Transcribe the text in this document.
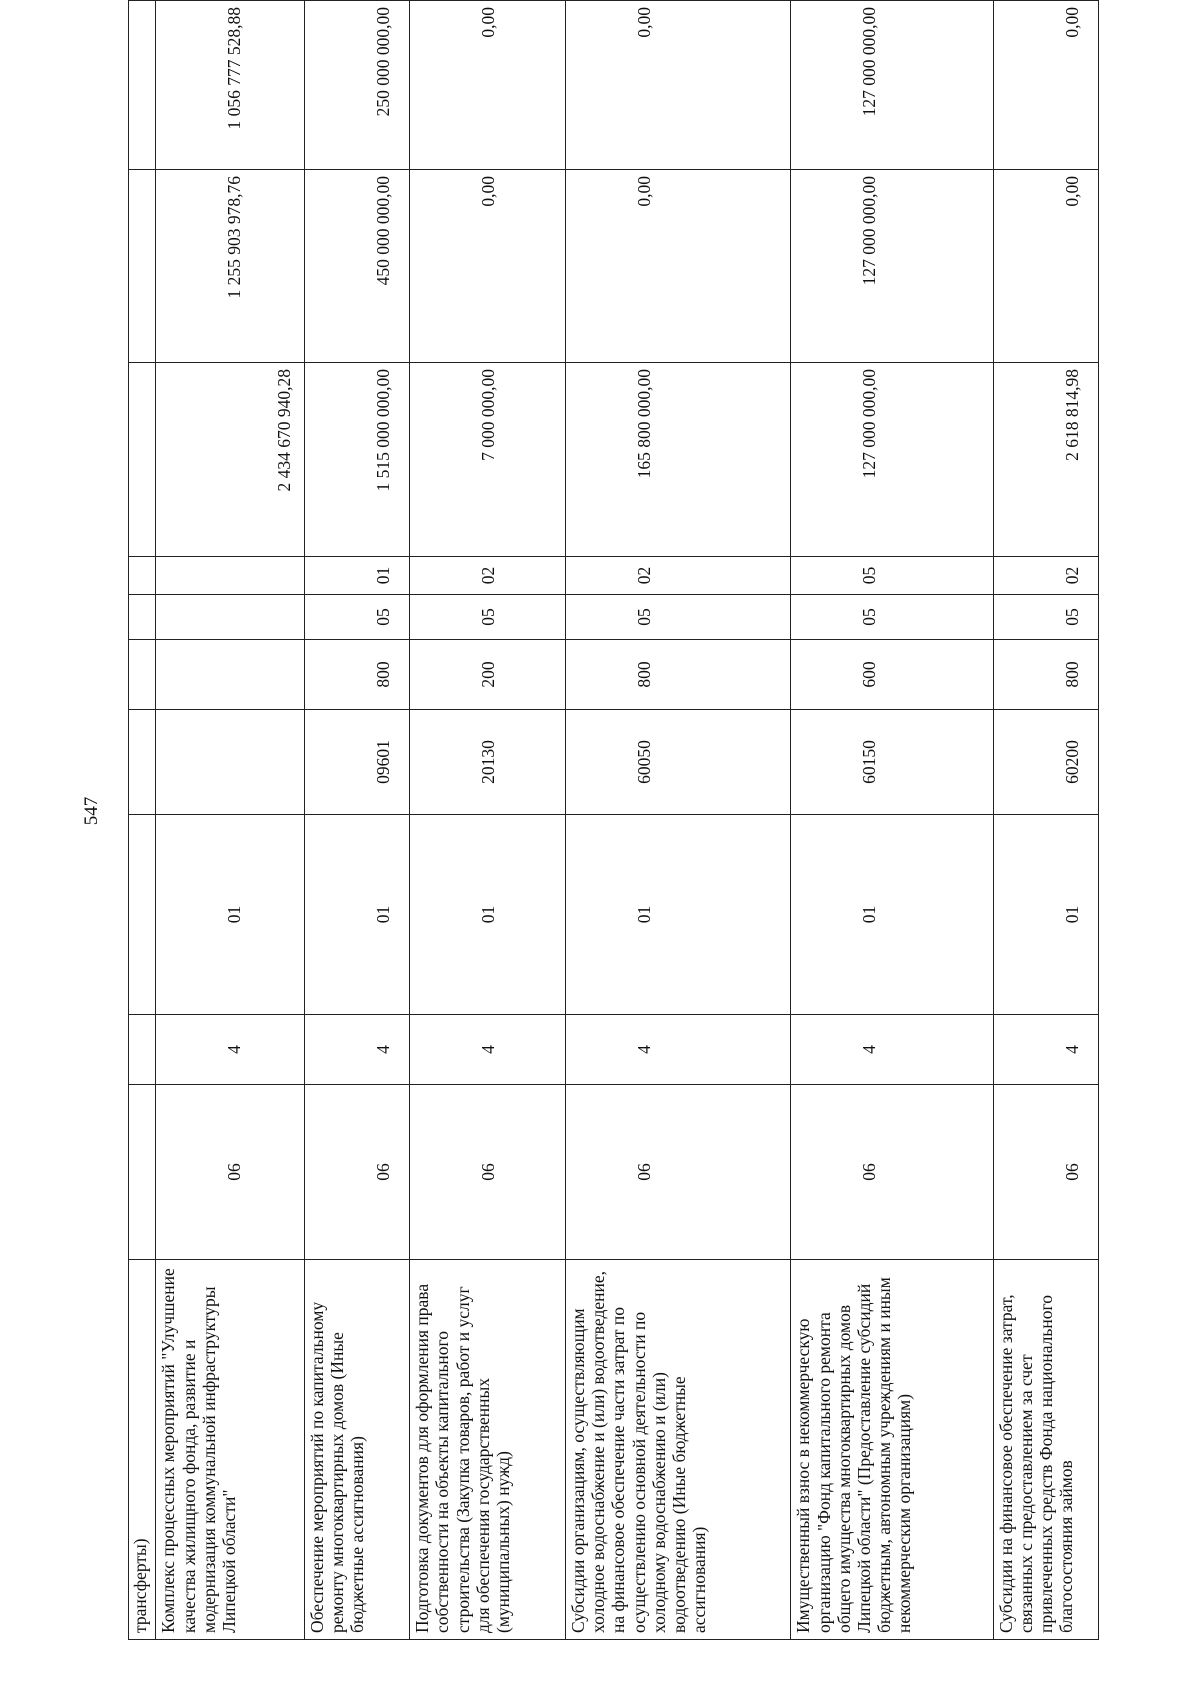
547
трансферты)										
Комплекс процессных мероприятий "Улучшение качества жилищного фонда, развитие и модернизация коммунальной инфраструктуры Липецкой области"	06	4	01					2 434 670 940,28	1 255 903 978,76	1 056 777 528,88
Обеспечение мероприятий по капитальному ремонту многоквартирных домов (Иные бюджетные ассигнования)	06	4	01	09601	800	05	01	1 515 000 000,00	450 000 000,00	250 000 000,00
Подготовка документов для оформления права собственности на объекты капитального строительства (Закупка товаров, работ и услуг для обеспечения государственных (муниципальных) нужд)	06	4	01	20130	200	05	02	7 000 000,00	0,00	0,00
Субсидии организациям, осуществляющим холодное водоснабжение и (или) водоотведение, на финансовое обеспечение части затрат по осуществлению основной деятельности по холодному водоснабжению и (или) водоотведению (Иные бюджетные ассигнования)	06	4	01	60050	800	05	02	165 800 000,00	0,00	0,00
Имущественный взнос в некоммерческую организацию "Фонд капитального ремонта общего имущества многоквартирных домов Липецкой области" (Предоставление субсидий бюджетным, автономным учреждениям и иным некоммерческим организациям)	06	4	01	60150	600	05	05	127 000 000,00	127 000 000,00	127 000 000,00
Субсидии на финансовое обеспечение затрат, связанных с предоставлением за счет привлеченных средств Фонда национального благосостояния займов	06	4	01	60200	800	05	02	2 618 814,98	0,00	0,00
